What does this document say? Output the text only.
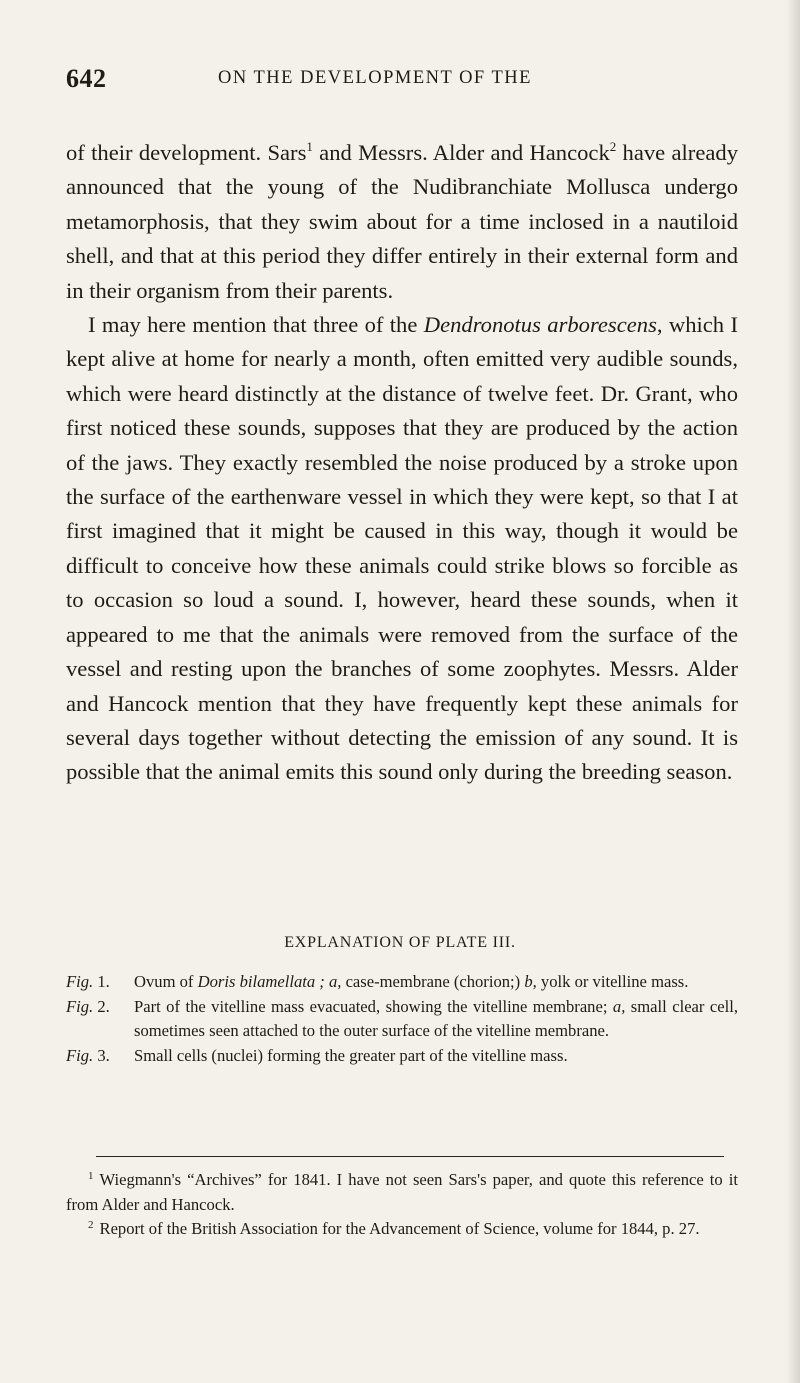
642	ON THE DEVELOPMENT OF THE

of their development. Sars$^1$ and Messrs. Alder and Hancock$^2$ have already announced that the young of the Nudibranchiate Mollusca undergo metamorphosis, that they swim about for a time inclosed in a nautiloid shell, and that at this period they differ entirely in their external form and in their organism from their parents.

I may here mention that three of the Dendronotus arborescens, which I kept alive at home for nearly a month, often emitted very audible sounds, which were heard distinctly at the distance of twelve feet. Dr. Grant, who first noticed these sounds, supposes that they are produced by the action of the jaws. They exactly resembled the noise produced by a stroke upon the surface of the earthenware vessel in which they were kept, so that I at first imagined that it might be caused in this way, though it would be difficult to conceive how these animals could strike blows so forcible as to occasion so loud a sound. I, however, heard these sounds, when it appeared to me that the animals were removed from the surface of the vessel and resting upon the branches of some zoophytes. Messrs. Alder and Hancock mention that they have frequently kept these animals for several days together without detecting the emission of any sound. It is possible that the animal emits this sound only during the breeding season.

EXPLANATION OF PLATE III.
Fig. 1. Ovum of Doris bilamellata ; a, case-membrane (chorion;) b, yolk or vitelline mass.
Fig. 2. Part of the vitelline mass evacuated, showing the vitelline membrane; a, small clear cell, sometimes seen attached to the outer surface of the vitelline membrane.
Fig. 3. Small cells (nuclei) forming the greater part of the vitelline mass.

$^1$ Wiegmann's “Archives” for 1841. I have not seen Sars's paper, and quote this reference to it from Alder and Hancock.

$^2$ Report of the British Association for the Advancement of Science, volume for 1844, p. 27.
